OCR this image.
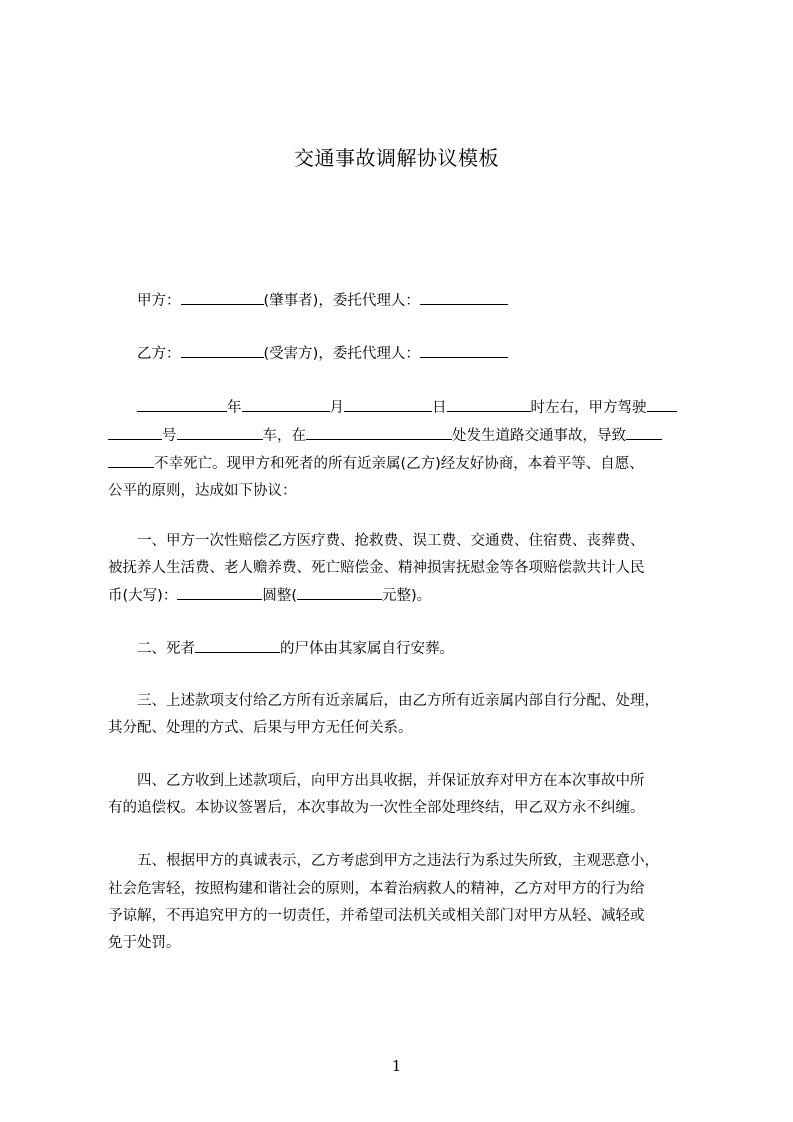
交通事故调解协议模板
甲方：	(肇事者)，委托代理人：
乙方：	(受害方)，委托代理人：
年	月	日	时左右，甲方驾驶
号	车，在	处发生道路交通事故，导致
不幸死亡。现甲方和死者的所有近亲属(乙方)经友好协商，本着平等、自愿、
公平的原则，达成如下协议：
一、甲方一次性赔偿乙方医疗费、抢救费、误工费、交通费、住宿费、丧葬费、
被抚养人生活费、老人赡养费、死亡赔偿金、精神损害抚慰金等各项赔偿款共计人民
币(大写)：	圆整(	元整)。
二、死者	的尸体由其家属自行安葬。
三、上述款项支付给乙方所有近亲属后，由乙方所有近亲属内部自行分配、处理，
其分配、处理的方式、后果与甲方无任何关系。
四、乙方收到上述款项后，向甲方出具收据，并保证放弃对甲方在本次事故中所
有的追偿权。本协议签署后，本次事故为一次性全部处理终结，甲乙双方永不纠缠。
五、根据甲方的真诚表示，乙方考虑到甲方之违法行为系过失所致，主观恶意小，
社会危害轻，按照构建和谐社会的原则，本着治病救人的精神，乙方对甲方的行为给
予谅解，不再追究甲方的一切责任，并希望司法机关或相关部门对甲方从轻、减轻或
免于处罚。
1
